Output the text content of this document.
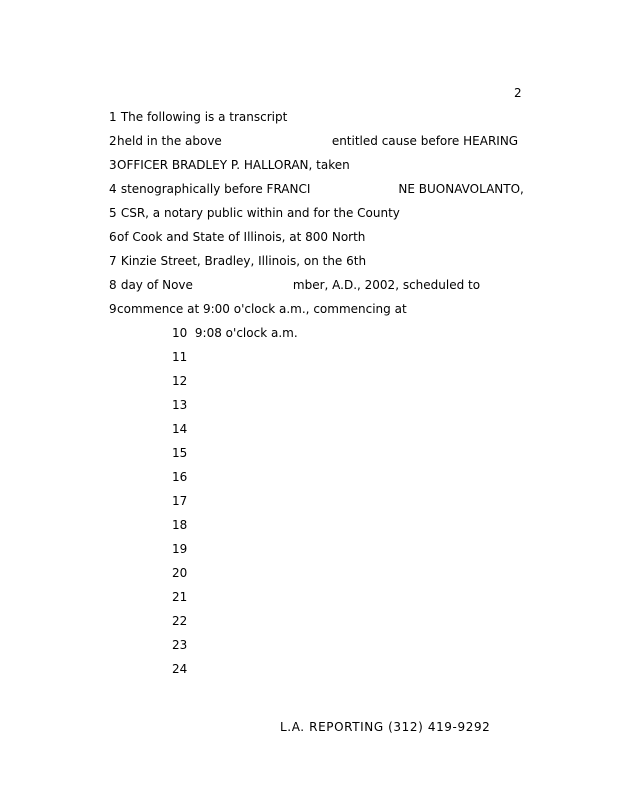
2
1 The following is a transcript
2held in the above	entitled cause before HEARING
3OFFICER BRADLEY P. HALLORAN, taken
4 stenographically before FRANCI	NE BUONAVOLANTO,
5 CSR, a notary public within and for the County
6of Cook and State of Illinois, at 800 North
7 Kinzie Street, Bradley, Illinois, on the 6th
8 day of Nove	mber, A.D., 2002, scheduled to
9commence at 9:00 o'clock a.m., commencing at
10 9:08 o'clock a.m.
11
12
13
14
15
16
17
18
19
20
21
22
23
24
L.A. REPORTING (312) 419-9292
